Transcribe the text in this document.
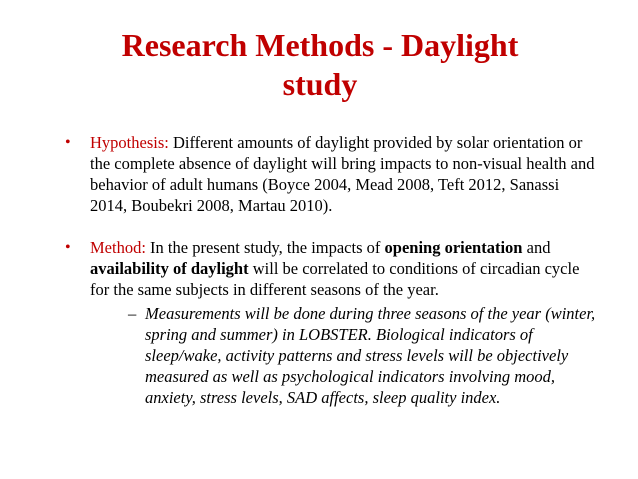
Research Methods - Daylight
study
• Hypothesis: Different amounts of daylight provided by solar orientation or the complete absence of daylight will bring impacts to non-visual health and behavior of adult humans (Boyce 2004, Mead 2008, Teft 2012, Sanassi 2014, Boubekri 2008, Martau 2010).

• Method: In the present study, the impacts of opening orientation and availability of daylight will be correlated to conditions of circadian cycle for the same subjects in different seasons of the year.

– Measurements will be done during three seasons of the year (winter, spring and summer) in LOBSTER. Biological indicators of sleep/wake, activity patterns and stress levels will be objectively measured as well as psychological indicators involving mood, anxiety, stress levels, SAD affects, sleep quality index.
